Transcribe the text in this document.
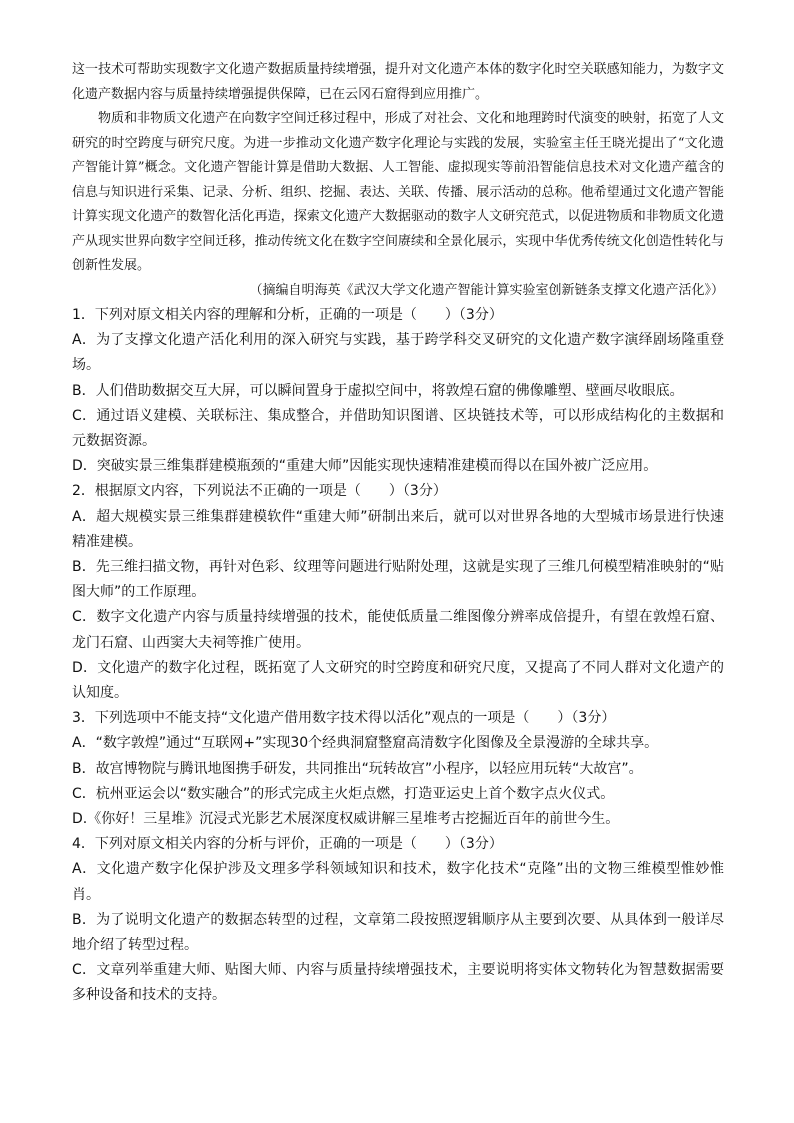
这一技术可帮助实现数字文化遗产数据质量持续增强，提升对文化遗产本体的数字化时空关联感知能力，为数字文化遗产数据内容与质量持续增强提供保障，已在云冈石窟得到应用推广。

物质和非物质文化遗产在向数字空间迁移过程中，形成了对社会、文化和地理跨时代演变的映射，拓宽了人文研究的时空跨度与研究尺度。为进一步推动文化遗产数字化理论与实践的发展，实验室主任王晓光提出了“文化遗产智能计算”概念。文化遗产智能计算是借助大数据、人工智能、虚拟现实等前沿智能信息技术对文化遗产蕴含的信息与知识进行采集、记录、分析、组织、挖掘、表达、关联、传播、展示活动的总称。他希望通过文化遗产智能计算实现文化遗产的数智化活化再造，探索文化遗产大数据驱动的数字人文研究范式，以促进物质和非物质文化遗产从现实世界向数字空间迁移，推动传统文化在数字空间赓续和全景化展示，实现中华优秀传统文化创造性转化与创新性发展。

（摘编自明海英《武汉大学文化遗产智能计算实验室创新链条支撑文化遗产活化》）

1．下列对原文相关内容的理解和分析，正确的一项是（　　）（3分）

A．为了支撑文化遗产活化利用的深入研究与实践，基于跨学科交叉研究的文化遗产数字演绎剧场隆重登场。

B．人们借助数据交互大屏，可以瞬间置身于虚拟空间中，将敦煌石窟的佛像雕塑、壁画尽收眼底。

C．通过语义建模、关联标注、集成整合，并借助知识图谱、区块链技术等，可以形成结构化的主数据和元数据资源。

D．突破实景三维集群建模瓶颈的“重建大师”因能实现快速精准建模而得以在国外被广泛应用。

2．根据原文内容，下列说法不正确的一项是（　　）（3分）

A．超大规模实景三维集群建模软件“重建大师”研制出来后，就可以对世界各地的大型城市场景进行快速精准建模。

B．先三维扫描文物，再针对色彩、纹理等问题进行贴附处理，这就是实现了三维几何模型精准映射的“贴图大师”的工作原理。

C．数字文化遗产内容与质量持续增强的技术，能使低质量二维图像分辨率成倍提升，有望在敦煌石窟、龙门石窟、山西窦大夫祠等推广使用。

D．文化遗产的数字化过程，既拓宽了人文研究的时空跨度和研究尺度，又提高了不同人群对文化遗产的认知度。

3．下列选项中不能支持“文化遗产借用数字技术得以活化”观点的一项是（　　）（3分）

A．“数字敦煌”通过“互联网+”实现30个经典洞窟整窟高清数字化图像及全景漫游的全球共享。

B．故宫博物院与腾讯地图携手研发，共同推出“玩转故宫”小程序，以轻应用玩转“大故宫”。

C．杭州亚运会以“数实融合”的形式完成主火炬点燃，打造亚运史上首个数字点火仪式。

D.《你好！三星堆》沉浸式光影艺术展深度权威讲解三星堆考古挖掘近百年的前世今生。

4．下列对原文相关内容的分析与评价，正确的一项是（　　）（3分）

A．文化遗产数字化保护涉及文理多学科领域知识和技术，数字化技术“克隆”出的文物三维模型惟妙惟肖。

B．为了说明文化遗产的数据态转型的过程，文章第二段按照逻辑顺序从主要到次要、从具体到一般详尽地介绍了转型过程。

C．文章列举重建大师、贴图大师、内容与质量持续增强技术，主要说明将实体文物转化为智慧数据需要多种设备和技术的支持。
